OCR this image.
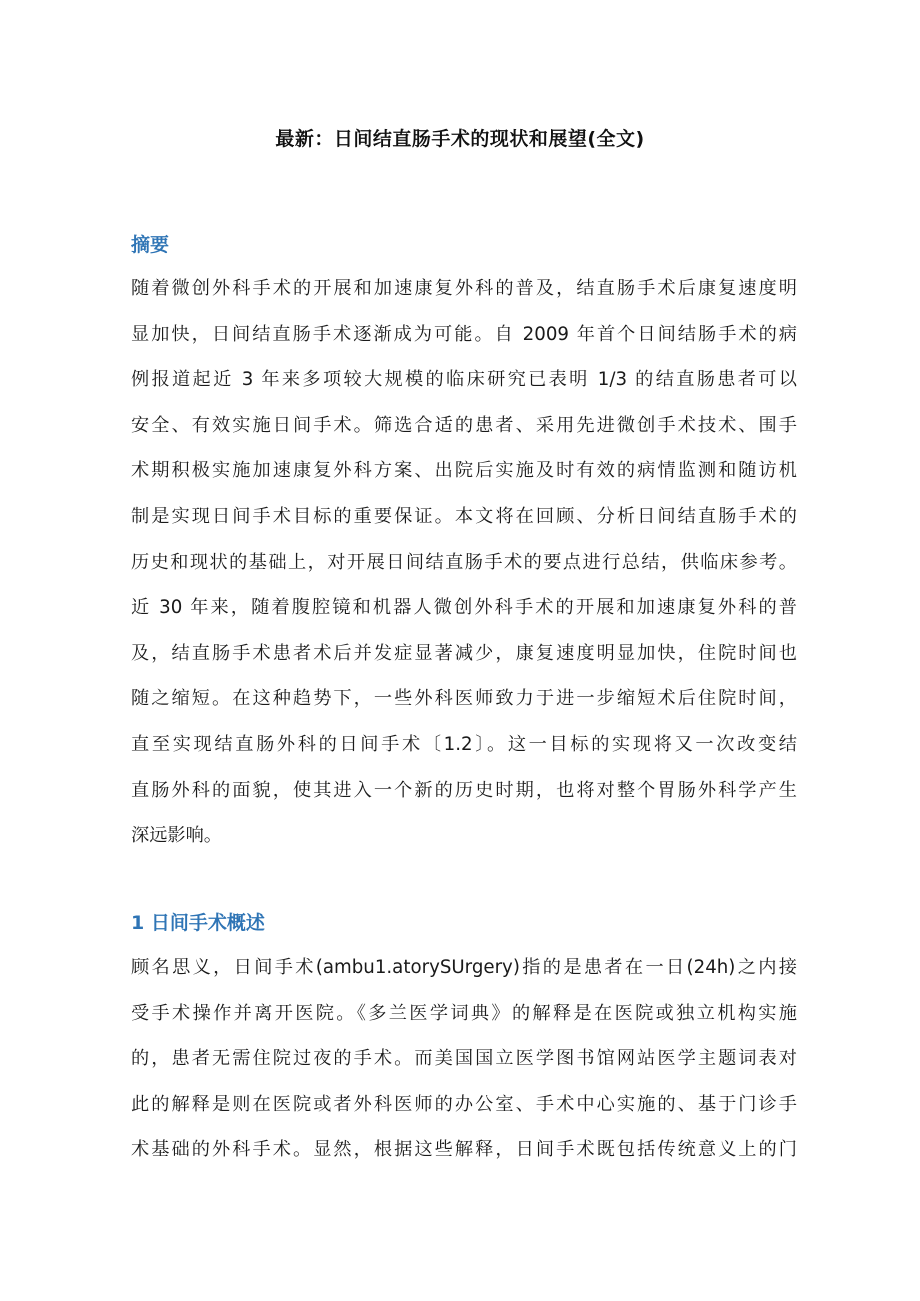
最新：日间结直肠手术的现状和展望(全文)
摘要
随着微创外科手术的开展和加速康复外科的普及，结直肠手术后康复速度明
显加快，日间结直肠手术逐渐成为可能。自 2009 年首个日间结肠手术的病
例报道起近 3 年来多项较大规模的临床研究已表明 1/3 的结直肠患者可以
安全、有效实施日间手术。筛选合适的患者、采用先进微创手术技术、围手
术期积极实施加速康复外科方案、出院后实施及时有效的病情监测和随访机
制是实现日间手术目标的重要保证。本文将在回顾、分析日间结直肠手术的
历史和现状的基础上，对开展日间结直肠手术的要点进行总结，供临床参考。
近 30 年来，随着腹腔镜和机器人微创外科手术的开展和加速康复外科的普
及，结直肠手术患者术后并发症显著减少，康复速度明显加快，住院时间也
随之缩短。在这种趋势下，一些外科医师致力于进一步缩短术后住院时间，
直至实现结直肠外科的日间手术〔1.2〕。这一目标的实现将又一次改变结
直肠外科的面貌，使其进入一个新的历史时期，也将对整个胃肠外科学产生
深远影响。
1 日间手术概述
顾名思义，日间手术(ambu1.atorySUrgery)指的是患者在一日(24h)之内接
受手术操作并离开医院。《多兰医学词典》的解释是在医院或独立机构实施
的，患者无需住院过夜的手术。而美国国立医学图书馆网站医学主题词表对
此的解释是则在医院或者外科医师的办公室、手术中心实施的、基于门诊手
术基础的外科手术。显然，根据这些解释，日间手术既包括传统意义上的门
